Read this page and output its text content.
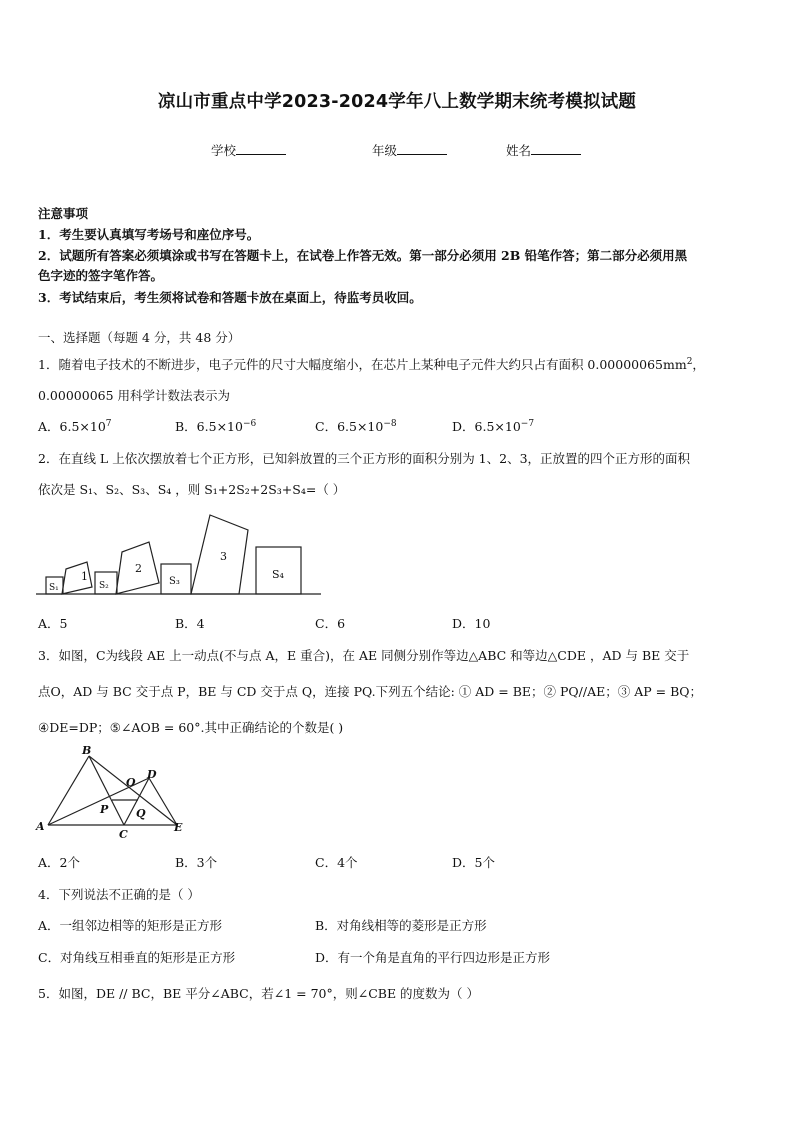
凉山市重点中学2023-2024学年八上数学期末统考模拟试题
学校	年级	姓名
注意事项
1．考生要认真填写考场号和座位序号。
2．试题所有答案必须填涂或书写在答题卡上，在试卷上作答无效。第一部分必须用 2B 铅笔作答；第二部分必须用黑
色字迹的签字笔作答。
3．考试结束后，考生须将试卷和答题卡放在桌面上，待监考员收回。
一、选择题（每题 4 分，共 48 分）
1．随着电子技术的不断进步，电子元件的尺寸大幅度缩小，在芯片上某种电子元件大约只占有面积 $0.00000065mm^2$，
0.00000065 用科学计数法表示为
A．$6.5\times 10^7$	B．$6.5\times 10^{-6}$	C．$6.5\times 10^{-8}$	D．$6.5\times 10^{-7}$
2．在直线 L 上依次摆放着七个正方形，已知斜放置的三个正方形的面积分别为 1、2、3，正放置的四个正方形的面积
依次是 S₁、S₂、S₃、S₄ ，则 S₁+2S₂+2S₃+S₄=（ ）
1
2
3
S₁	S₂	S₃
S₄
A．5	B．4	C．6	D．10
3．如图，C为线段 AE 上一动点(不与点 A，E 重合)，在 AE 同侧分别作等边△ABC 和等边△CDE ，AD 与 BE 交于
点O，AD 与 BC 交于点 P，BE 与 CD 交于点 Q，连接 PQ.下列五个结论: ① AD = BE；② PQ//AE；③ AP = BQ；
④DE=DP；⑤∠AOB = 60°.其中正确结论的个数是( )
A
B
C
D
E
O
P	Q
A．2个	B．3个	C．4个	D．5个
4．下列说法不正确的是（ ）
A．一组邻边相等的矩形是正方形	B．对角线相等的菱形是正方形
C．对角线互相垂直的矩形是正方形	D．有一个角是直角的平行四边形是正方形
5．如图，DE // BC，BE 平分∠ABC，若∠1 = 70°，则∠CBE 的度数为（ ）
